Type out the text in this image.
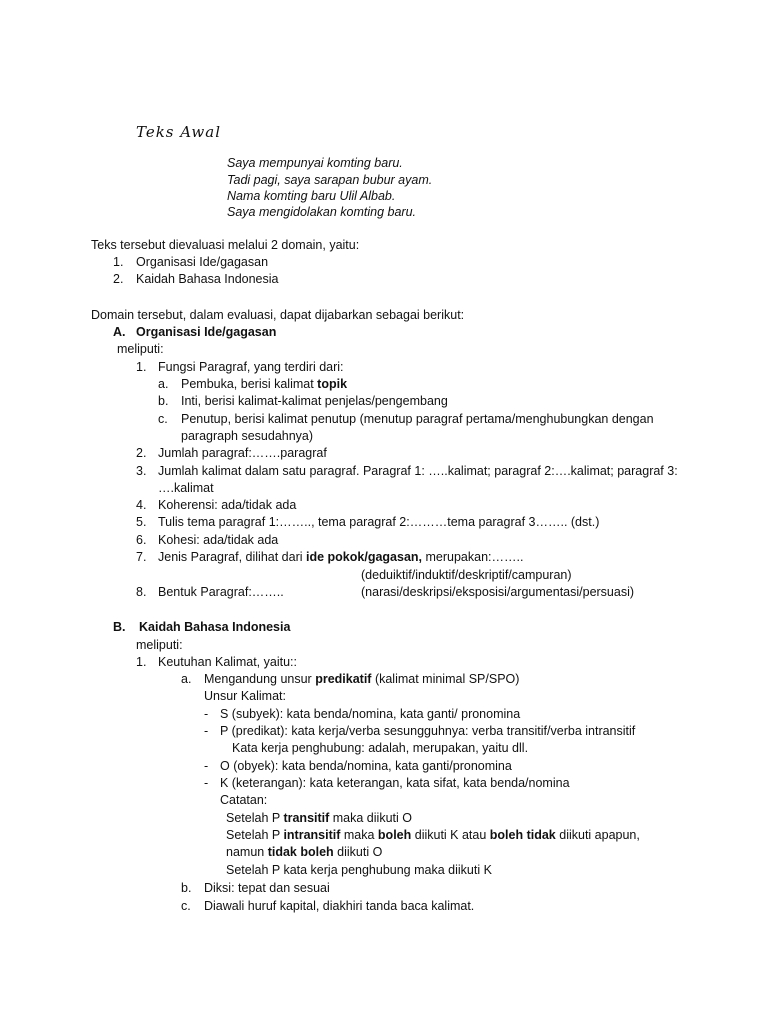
Teks Awal
Saya mempunyai komting baru.
Tadi pagi, saya sarapan bubur ayam.
Nama komting baru Ulil Albab.
Saya mengidolakan komting baru.
Teks tersebut dievaluasi melalui 2 domain, yaitu:
1. Organisasi Ide/gagasan
2. Kaidah Bahasa Indonesia
Domain tersebut, dalam evaluasi, dapat dijabarkan sebagai berikut:
A. Organisasi Ide/gagasan
meliputi:
1. Fungsi Paragraf, yang terdiri dari:
a. Pembuka, berisi kalimat topik
b. Inti, berisi kalimat-kalimat penjelas/pengembang
c. Penutup, berisi kalimat penutup (menutup paragraf pertama/menghubungkan dengan
paragraph sesudahnya)
2. Jumlah paragraf:…….paragraf
3. Jumlah kalimat dalam satu paragraf. Paragraf 1: …..kalimat; paragraf 2:….kalimat; paragraf 3:
….kalimat
4. Koherensi: ada/tidak ada
5. Tulis tema paragraf 1:…….., tema paragraf 2:………tema paragraf 3…….. (dst.)
6. Kohesi: ada/tidak ada
7. Jenis Paragraf, dilihat dari ide pokok/gagasan, merupakan:……..
(deduiktif/induktif/deskriptif/campuran)
8. Bentuk Paragraf:……..	(narasi/deskripsi/eksposisi/argumentasi/persuasi)
B. Kaidah Bahasa Indonesia
meliputi:
1. Keutuhan Kalimat, yaitu::
a. Mengandung unsur predikatif (kalimat minimal SP/SPO)
Unsur Kalimat:
- S (subyek): kata benda/nomina, kata ganti/ pronomina
- P (predikat): kata kerja/verba sesungguhnya: verba transitif/verba intransitif
Kata kerja penghubung: adalah, merupakan, yaitu dll.
- O (obyek): kata benda/nomina, kata ganti/pronomina
- K (keterangan): kata keterangan, kata sifat, kata benda/nomina
Catatan:
Setelah P transitif maka diikuti O
Setelah P intransitif maka boleh diikuti K atau boleh tidak diikuti apapun,
namun tidak boleh diikuti O
Setelah P kata kerja penghubung maka diikuti K
b. Diksi: tepat dan sesuai
c. Diawali huruf kapital, diakhiri tanda baca kalimat.
